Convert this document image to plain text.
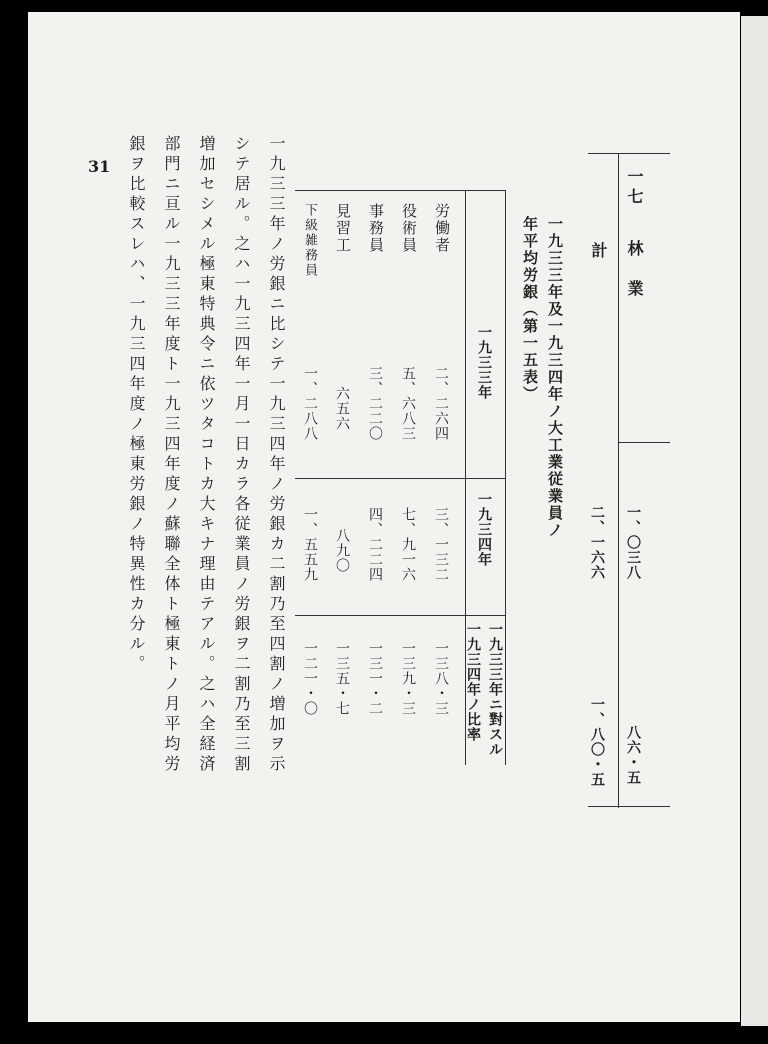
一七
林　業
計
一、〇三八
二、一六六
八六・五
一、八〇・五
一九三三年及一九三四年ノ大工業従業員ノ
年平均労銀（第一五表）
一九三三年
一九三四年
一九三三年ニ對スル
一九三四年ノ比率
労働者
二、二六四
三、一三二
一三八・三
役術員
五、六八三
七、九一六
一三九・三
事務員
三、二二〇
四、二二四
一三一・二
見習工
六五六
八九〇
一三五・七
下級雑務員
一、二八八
一、五五九
一二一・〇
一九三三年ノ労銀ニ比シテ一九三四年ノ労銀カ二割乃至四割ノ増加ヲ示
シテ居ル。之ハ一九三四年一月一日カラ各従業員ノ労銀ヲ二割乃至三割
増加セシメル極東特典令ニ依ツタコトカ大キナ理由テアル。之ハ全経済
部門ニ亘ル一九三三年度ト一九三四年度ノ蘇聯全体ト極東トノ月平均労
銀ヲ比較スレハ、一九三四年度ノ極東労銀ノ特異性カ分ル。
31
